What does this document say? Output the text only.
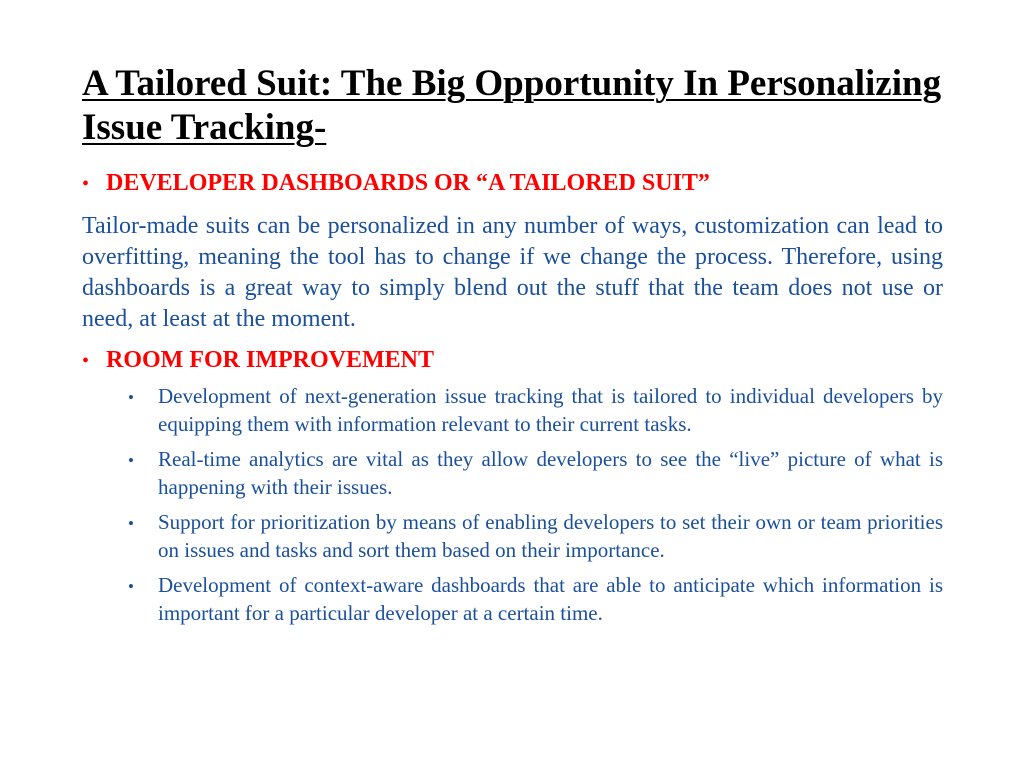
A Tailored Suit: The Big Opportunity In Personalizing Issue Tracking-
• DEVELOPER DASHBOARDS OR “A TAILORED SUIT”

Tailor-made suits can be personalized in any number of ways, customization can lead to overfitting, meaning the tool has to change if we change the process. Therefore, using dashboards is a great way to simply blend out the stuff that the team does not use or need, at least at the moment.

• ROOM FOR IMPROVEMENT
•	Development of next-generation issue tracking that is tailored to individual developers by equipping them with information relevant to their current tasks.
•	Real-time analytics are vital as they allow developers to see the “live” picture of what is happening with their issues.
•	Support for prioritization by means of enabling developers to set their own or team priorities on issues and tasks and sort them based on their importance.
•	Development of context-aware dashboards that are able to anticipate which information is important for a particular developer at a certain time.
